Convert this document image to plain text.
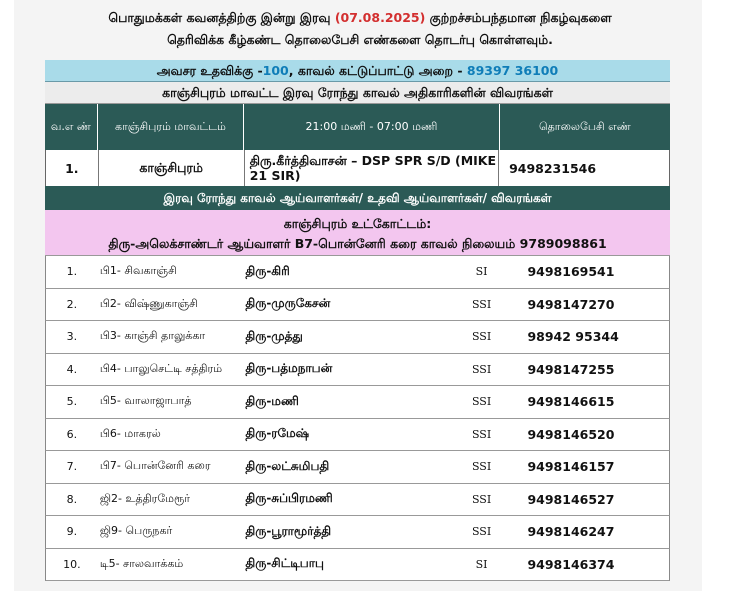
பொதுமக்கள் கவனத்திற்கு இன்று இரவு (07.08.2025) குற்றச்சம்பந்தமான நிகழ்வுகளை
தெரிவிக்க கீழ்கண்ட தொலைபேசி எண்களை தொடர்பு கொள்ளவும்.
அவசர உதவிக்கு -100, காவல் கட்டுப்பாட்டு அறை - 89397 36100
காஞ்சிபுரம் மாவட்ட இரவு ரோந்து காவல் அதிகாரிகளின் விவரங்கள்
வ.எ ண்	காஞ்சிபுரம் மாவட்டம்	21:00 மணி - 07:00 மணி	தொலைபேசி எண்
1.	காஞ்சிபுரம்	திரு.கீர்த்திவாசன் – DSP SPR S/D (MIKE 21 SIR)	9498231546
இரவு ரோந்து காவல் ஆய்வாளர்கள்/ உதவி ஆய்வாளர்கள்/ விவரங்கள்
காஞ்சிபுரம் உட்கோட்டம்:
திரு-அலெக்சாண்டர் ஆய்வாளர் B7-பொன்னேரி கரை காவல் நிலையம் 9789098861
1.	பி1- சிவகாஞ்சி	திரு-கிரி	SI	9498169541
2.	பி2- விஷ்ணுகாஞ்சி	திரு-முருகேசன்	SSI	9498147270
3.	பி3- காஞ்சி தாலுக்கா	திரு-முத்து	SSI	98942 95344
4.	பி4- பாலுசெட்டி சத்திரம்	திரு-பத்மநாபன்	SSI	9498147255
5.	பி5- வாலாஜாபாத்	திரு-மணி	SSI	9498146615
6.	பி6- மாகரல்	திரு-ரமேஷ்	SSI	9498146520
7.	பி7- பொன்னேரி கரை	திரு-லட்சுமிபதி	SSI	9498146157
8.	ஜி2- உத்திரமேரூர்	திரு-சுப்பிரமணி	SSI	9498146527
9.	ஜி9- பெருநகர்	திரு-பூராமூர்த்தி	SSI	9498146247
10.	டி5- சாலவாக்கம்	திரு-சிட்டிபாபு	SI	9498146374
